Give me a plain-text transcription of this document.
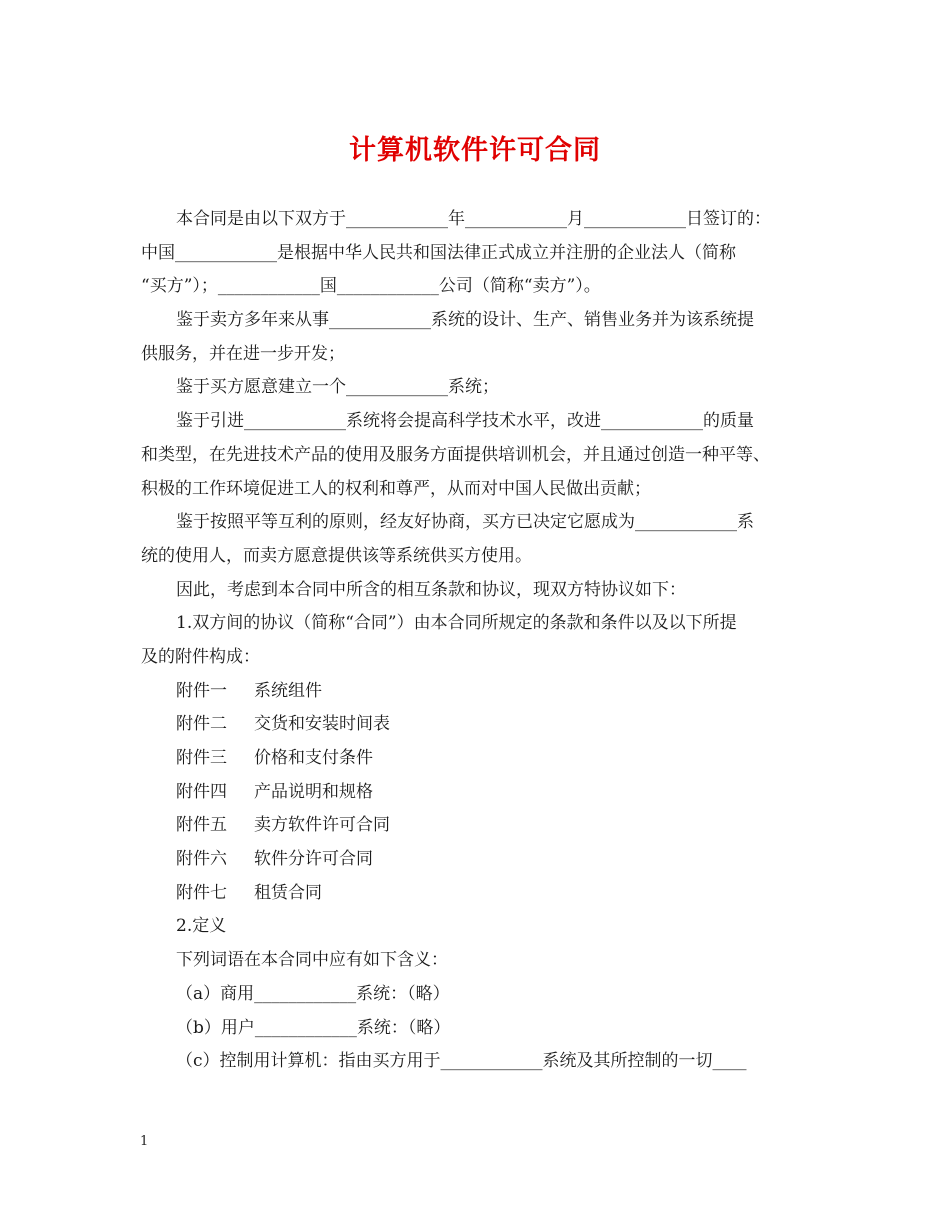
计算机软件许可合同
本合同是由以下双方于____________年____________月____________日签订的：
中国____________是根据中华人民共和国法律正式成立并注册的企业法人（简称
“买方”）；____________国____________公司（简称“卖方”）。
鉴于卖方多年来从事____________系统的设计、生产、销售业务并为该系统提
供服务，并在进一步开发；
鉴于买方愿意建立一个____________系统；
鉴于引进____________系统将会提高科学技术水平，改进____________的质量
和类型，在先进技术产品的使用及服务方面提供培训机会，并且通过创造一种平等、
积极的工作环境促进工人的权利和尊严，从而对中国人民做出贡献；
鉴于按照平等互利的原则，经友好协商，买方已决定它愿成为____________系
统的使用人，而卖方愿意提供该等系统供买方使用。
因此，考虑到本合同中所含的相互条款和协议，现双方特协议如下：
1.双方间的协议（简称“合同”）由本合同所规定的条款和条件以及以下所提
及的附件构成：
附件一 系统组件
附件二 交货和安装时间表
附件三 价格和支付条件
附件四 产品说明和规格
附件五 卖方软件许可合同
附件六 软件分许可合同
附件七 租赁合同
2.定义
下列词语在本合同中应有如下含义：
（a）商用____________系统：（略）
（b）用户____________系统：（略）
（c）控制用计算机：指由买方用于____________系统及其所控制的一切____
1
